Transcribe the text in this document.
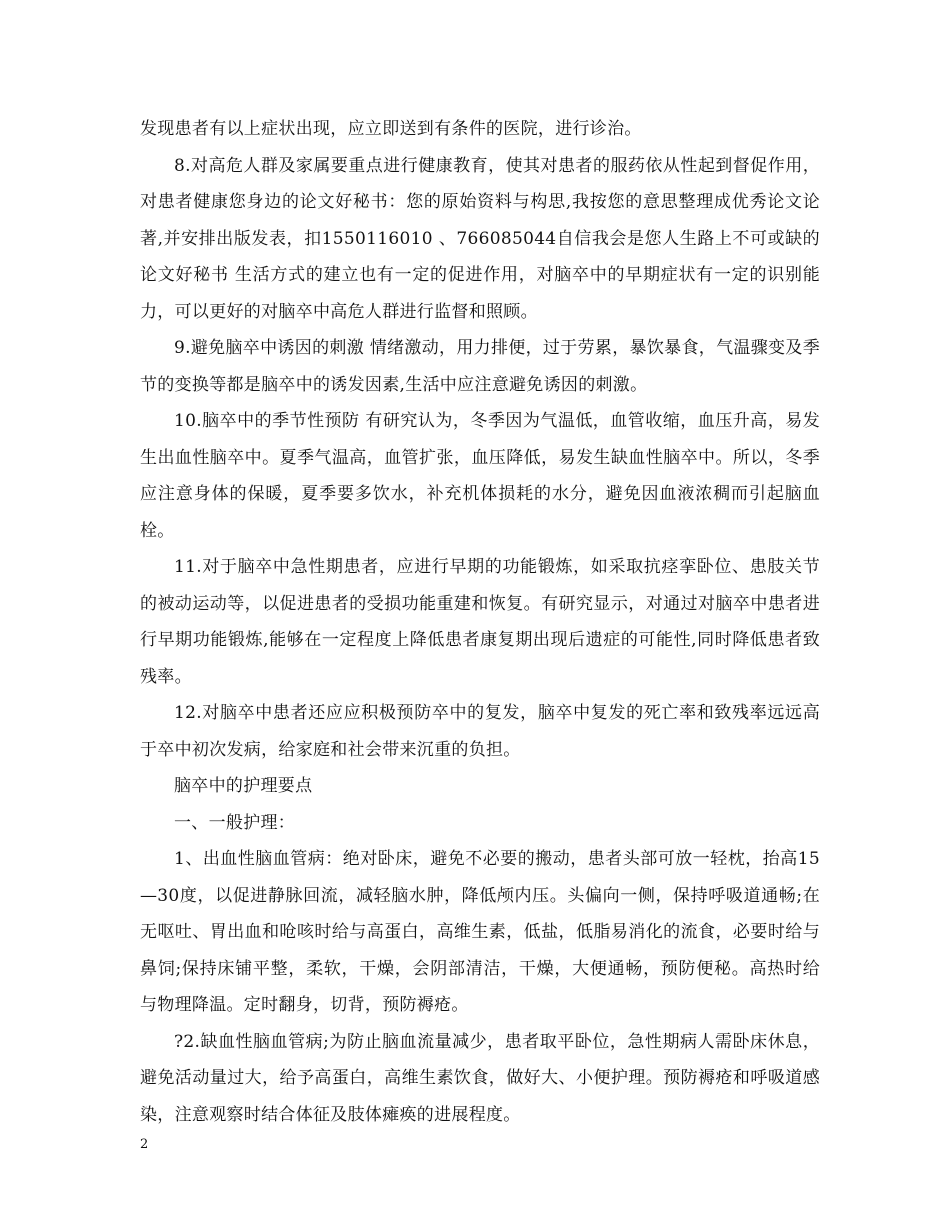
发现患者有以上症状出现，应立即送到有条件的医院，进行诊治。

8.对高危人群及家属要重点进行健康教育，使其对患者的服药依从性起到督促作用，对患者健康您身边的论文好秘书：您的原始资料与构思,我按您的意思整理成优秀论文论著,并安排出版发表，扣1550116010 、766085044自信我会是您人生路上不可或缺的论文好秘书 生活方式的建立也有一定的促进作用，对脑卒中的早期症状有一定的识别能力，可以更好的对脑卒中高危人群进行监督和照顾。

9.避免脑卒中诱因的刺激 情绪激动，用力排便，过于劳累，暴饮暴食，气温骤变及季节的变换等都是脑卒中的诱发因素,生活中应注意避免诱因的刺激。

10.脑卒中的季节性预防 有研究认为，冬季因为气温低，血管收缩，血压升高，易发生出血性脑卒中。夏季气温高，血管扩张，血压降低，易发生缺血性脑卒中。所以，冬季应注意身体的保暖，夏季要多饮水，补充机体损耗的水分，避免因血液浓稠而引起脑血栓。

11.对于脑卒中急性期患者，应进行早期的功能锻炼，如采取抗痉挛卧位、患肢关节的被动运动等，以促进患者的受损功能重建和恢复。有研究显示，对通过对脑卒中患者进行早期功能锻炼,能够在一定程度上降低患者康复期出现后遗症的可能性,同时降低患者致残率。

12.对脑卒中患者还应应积极预防卒中的复发，脑卒中复发的死亡率和致残率远远高于卒中初次发病，给家庭和社会带来沉重的负担。

脑卒中的护理要点

一、一般护理：

1、出血性脑血管病：绝对卧床，避免不必要的搬动，患者头部可放一轻枕，抬高15—30度，以促进静脉回流，减轻脑水肿，降低颅内压。头偏向一侧，保持呼吸道通畅;在无呕吐、胃出血和呛咳时给与高蛋白，高维生素，低盐，低脂易消化的流食，必要时给与鼻饲;保持床铺平整，柔软，干燥，会阴部清洁，干燥，大便通畅，预防便秘。高热时给与物理降温。定时翻身，切背，预防褥疮。

?2.缺血性脑血管病;为防止脑血流量减少，患者取平卧位，急性期病人需卧床休息，避免活动量过大，给予高蛋白，高维生素饮食，做好大、小便护理。预防褥疮和呼吸道感染，注意观察时结合体征及肢体瘫痪的进展程度。

2
